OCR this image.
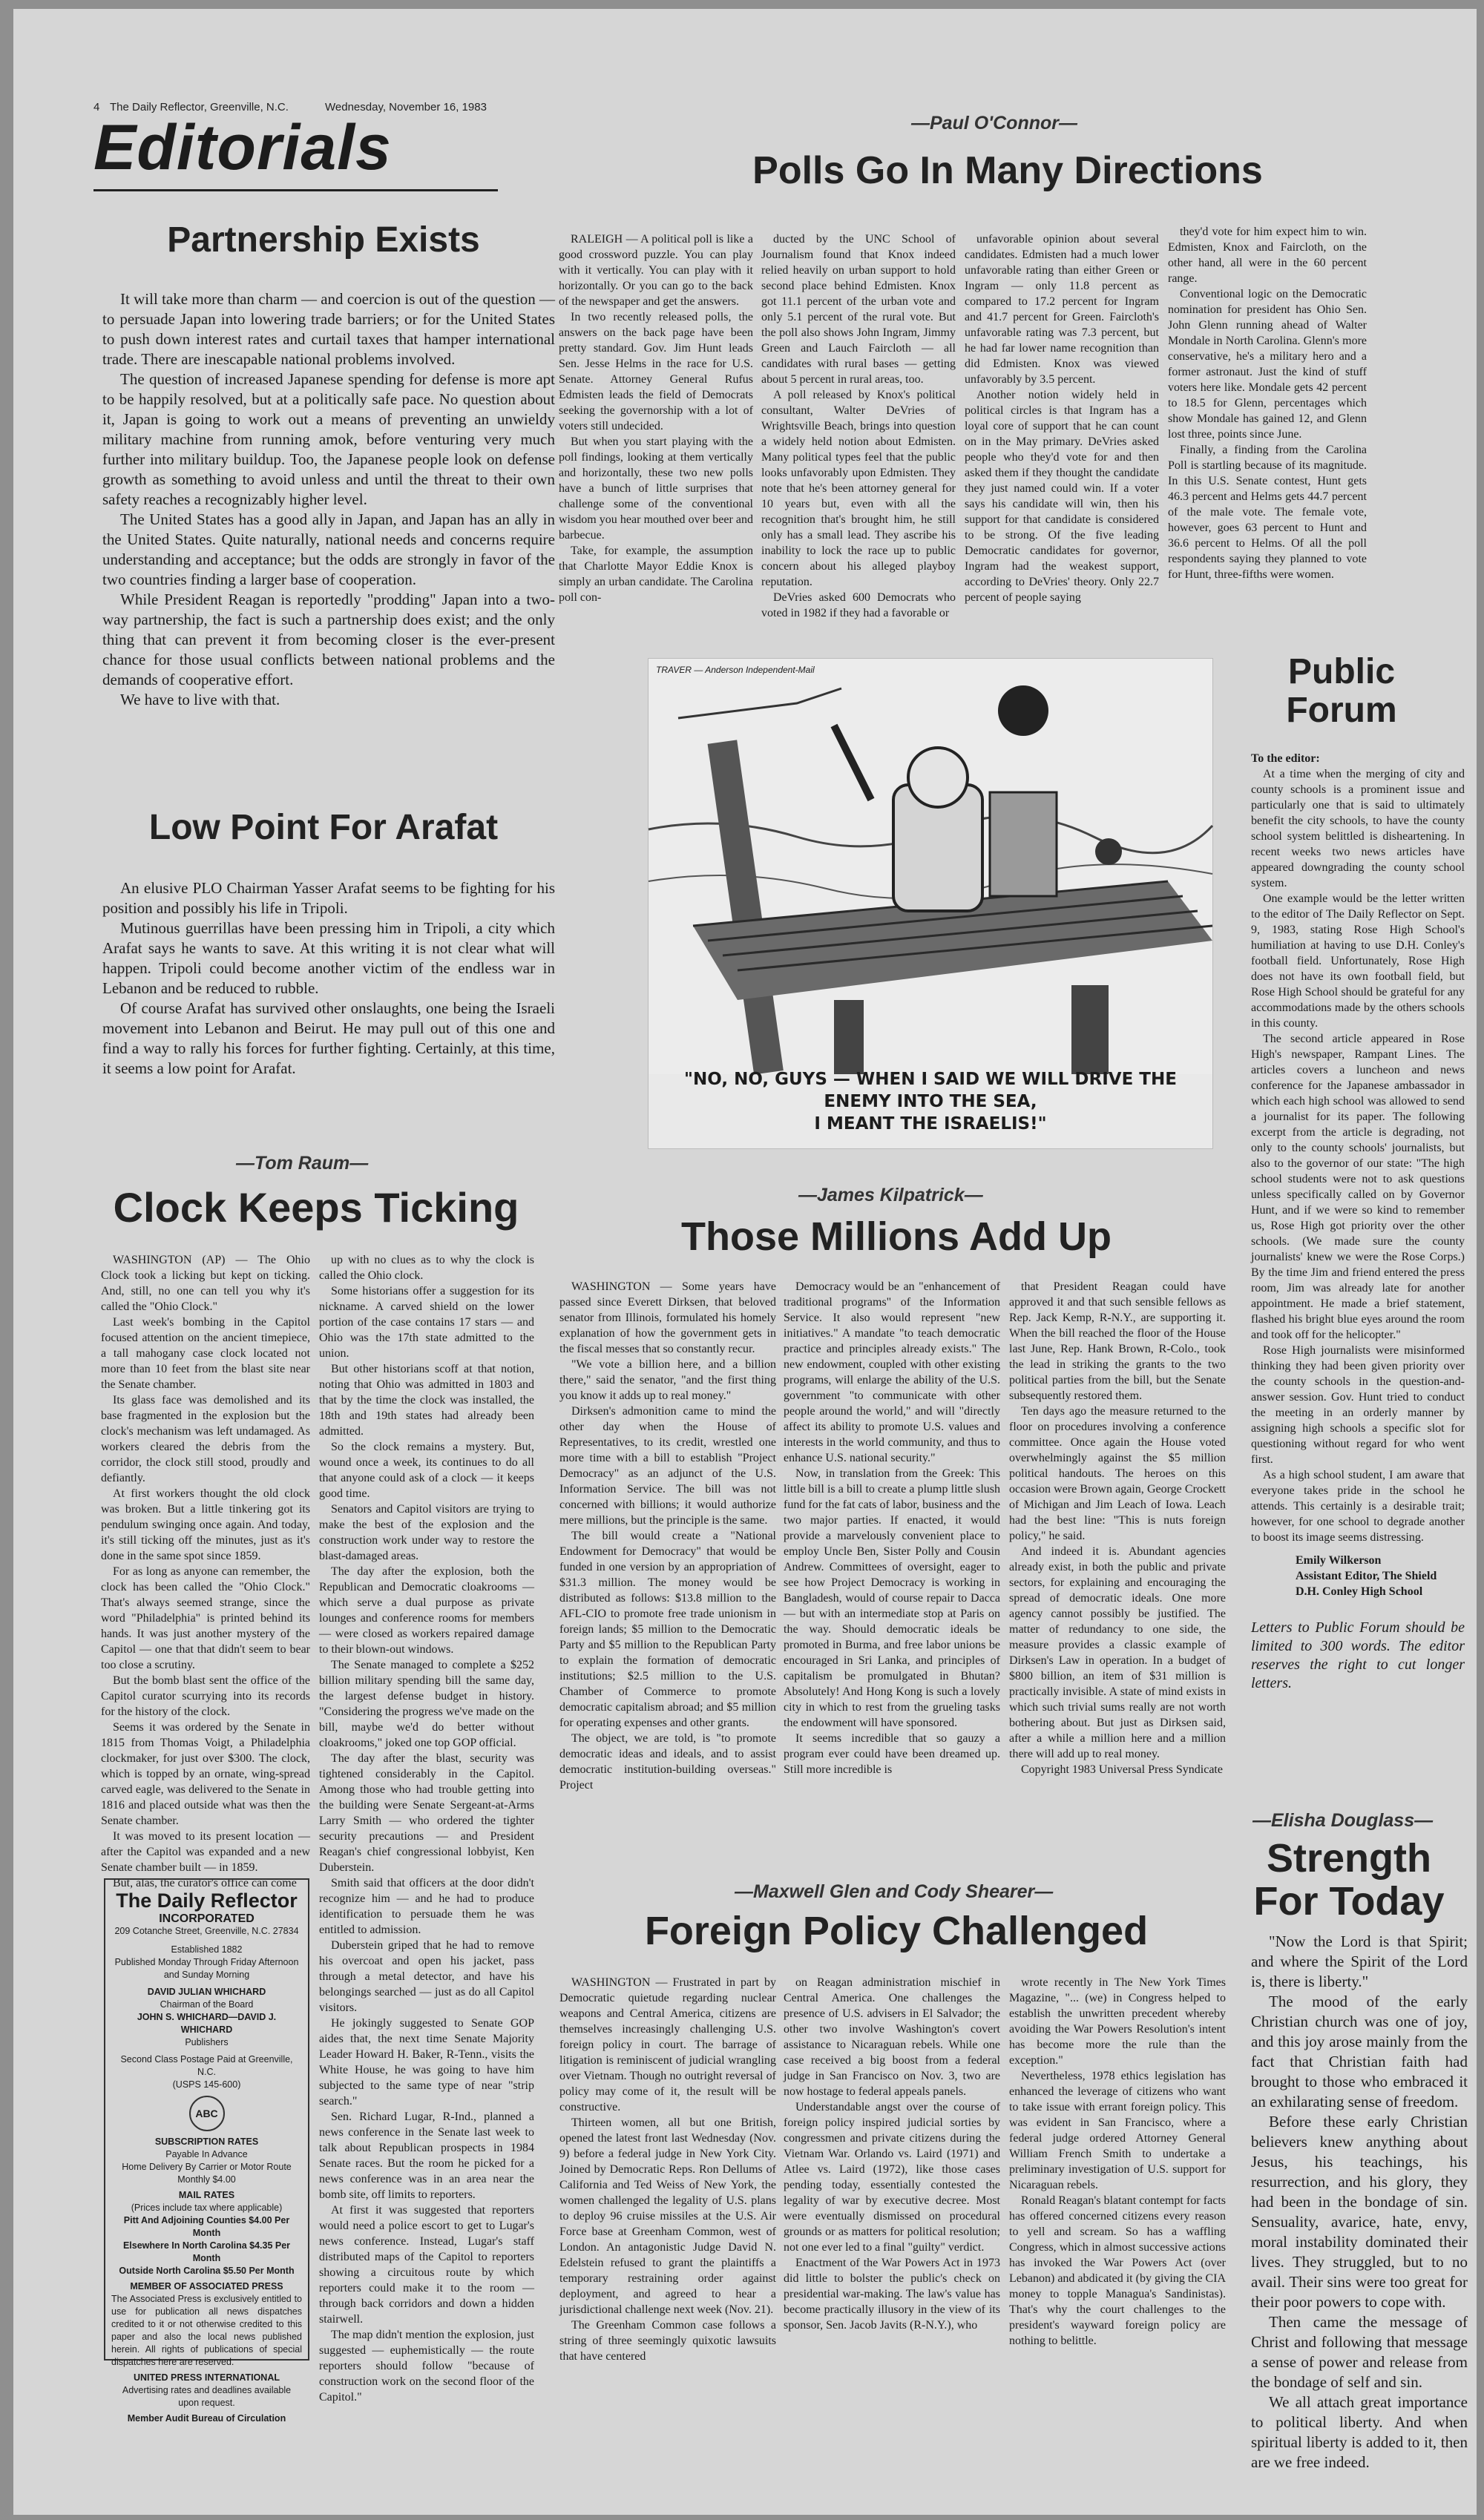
4 The Daily Reflector, Greenville, N.C.	Wednesday, November 16, 1983
Editorials
Partnership Exists

It will take more than charm — and coercion is out of the question — to persuade Japan into lowering trade barriers; or for the United States to push down interest rates and curtail taxes that hamper international trade. There are inescapable national problems involved.

The question of increased Japanese spending for defense is more apt to be happily resolved, but at a politically safe pace. No question about it, Japan is going to work out a means of preventing an unwieldy military machine from running amok, before venturing very much further into military buildup. Too, the Japanese people look on defense growth as something to avoid unless and until the threat to their own safety reaches a recognizably higher level.

The United States has a good ally in Japan, and Japan has an ally in the United States. Quite naturally, national needs and concerns require understanding and acceptance; but the odds are strongly in favor of the two countries finding a larger base of cooperation.

While President Reagan is reportedly "prodding" Japan into a two-way partnership, the fact is such a partnership does exist; and the only thing that can prevent it from becoming closer is the ever-present chance for those usual conflicts between national problems and the demands of cooperative effort.

We have to live with that.

Low Point For Arafat

An elusive PLO Chairman Yasser Arafat seems to be fighting for his position and possibly his life in Tripoli.

Mutinous guerrillas have been pressing him in Tripoli, a city which Arafat says he wants to save. At this writing it is not clear what will happen. Tripoli could become another victim of the endless war in Lebanon and be reduced to rubble.

Of course Arafat has survived other onslaughts, one being the Israeli movement into Lebanon and Beirut. He may pull out of this one and find a way to rally his forces for further fighting. Certainly, at this time, it seems a low point for Arafat.

—Paul O'Connor—
Polls Go In Many Directions

RALEIGH — A political poll is like a good crossword puzzle. You can play with it vertically. You can play with it horizontally. Or you can go to the back of the newspaper and get the answers.

In two recently released polls, the answers on the back page have been pretty standard. Gov. Jim Hunt leads Sen. Jesse Helms in the race for U.S. Senate. Attorney General Rufus Edmisten leads the field of Democrats seeking the governorship with a lot of voters still undecided.

But when you start playing with the poll findings, looking at them vertically and horizontally, these two new polls have a bunch of little surprises that challenge some of the conventional wisdom you hear mouthed over beer and barbecue.

Take, for example, the assumption that Charlotte Mayor Eddie Knox is simply an urban candidate. The Carolina poll con-

ducted by the UNC School of Journalism found that Knox indeed relied heavily on urban support to hold second place behind Edmisten. Knox got 11.1 percent of the urban vote and only 5.1 percent of the rural vote. But the poll also shows John Ingram, Jimmy Green and Lauch Faircloth — all candidates with rural bases — getting about 5 percent in rural areas, too.

A poll released by Knox's political consultant, Walter DeVries of Wrightsville Beach, brings into question a widely held notion about Edmisten. Many political types feel that the public looks unfavorably upon Edmisten. They note that he's been attorney general for 10 years but, even with all the recognition that's brought him, he still only has a small lead. They ascribe his inability to lock the race up to public concern about his alleged playboy reputation.

DeVries asked 600 Democrats who voted in 1982 if they had a favorable or

unfavorable opinion about several candidates. Edmisten had a much lower unfavorable rating than either Green or Ingram — only 11.8 percent as compared to 17.2 percent for Ingram and 41.7 percent for Green. Faircloth's unfavorable rating was 7.3 percent, but he had far lower name recognition than did Edmisten. Knox was viewed unfavorably by 3.5 percent.

Another notion widely held in political circles is that Ingram has a loyal core of support that he can count on in the May primary. DeVries asked people who they'd vote for and then asked them if they thought the candidate they just named could win. If a voter says his candidate will win, then his support for that candidate is considered to be strong. Of the five leading Democratic candidates for governor, Ingram had the weakest support, according to DeVries' theory. Only 22.7 percent of people saying

they'd vote for him expect him to win. Edmisten, Knox and Faircloth, on the other hand, all were in the 60 percent range.

Conventional logic on the Democratic nomination for president has Ohio Sen. John Glenn running ahead of Walter Mondale in North Carolina. Glenn's more conservative, he's a military hero and a former astronaut. Just the kind of stuff voters here like. Mondale gets 42 percent to 18.5 for Glenn, percentages which show Mondale has gained 12, and Glenn lost three, points since June.

Finally, a finding from the Carolina Poll is startling because of its magnitude. In this U.S. Senate contest, Hunt gets 46.3 percent and Helms gets 44.7 percent of the male vote. The female vote, however, goes 63 percent to Hunt and 36.6 percent to Helms. Of all the poll respondents saying they planned to vote for Hunt, three-fifths were women.

TRAVER — Anderson Independent-Mail
"NO, NO, GUYS — WHEN I SAID WE WILL DRIVE THE ENEMY INTO THE SEA,
I MEANT THE ISRAELIS!"
Public
Forum
To the editor:

At a time when the merging of city and county schools is a prominent issue and particularly one that is said to ultimately benefit the city schools, to have the county school system belittled is disheartening. In recent weeks two news articles have appeared downgrading the county school system.

One example would be the letter written to the editor of The Daily Reflector on Sept. 9, 1983, stating Rose High School's humiliation at having to use D.H. Conley's football field. Unfortunately, Rose High does not have its own football field, but Rose High School should be grateful for any accommodations made by the others schools in this county.

The second article appeared in Rose High's newspaper, Rampant Lines. The articles covers a luncheon and news conference for the Japanese ambassador in which each high school was allowed to send a journalist for its paper. The following excerpt from the article is degrading, not only to the county schools' journalists, but also to the governor of our state: "The high school students were not to ask questions unless specifically called on by Governor Hunt, and if we were so kind to remember us, Rose High got priority over the other schools. (We made sure the county journalists' knew we were the Rose Corps.) By the time Jim and friend entered the press room, Jim was already late for another appointment. He made a brief statement, flashed his bright blue eyes around the room and took off for the helicopter."

Rose High journalists were misinformed thinking they had been given priority over the county schools in the question-and-answer session. Gov. Hunt tried to conduct the meeting in an orderly manner by assigning high schools a specific slot for questioning without regard for who went first.

As a high school student, I am aware that everyone takes pride in the school he attends. This certainly is a desirable trait; however, for one school to degrade another to boost its image seems distressing.

Emily Wilkerson
Assistant Editor, The Shield
D.H. Conley High School
Letters to Public Forum should be limited to 300 words. The editor reserves the right to cut longer letters.
—Tom Raum—
Clock Keeps Ticking

WASHINGTON (AP) — The Ohio Clock took a licking but kept on ticking. And, still, no one can tell you why it's called the "Ohio Clock."

Last week's bombing in the Capitol focused attention on the ancient timepiece, a tall mahogany case clock located not more than 10 feet from the blast site near the Senate chamber.

Its glass face was demolished and its base fragmented in the explosion but the clock's mechanism was left undamaged. As workers cleared the debris from the corridor, the clock still stood, proudly and defiantly.

At first workers thought the old clock was broken. But a little tinkering got its pendulum swinging once again. And today, it's still ticking off the minutes, just as it's done in the same spot since 1859.

For as long as anyone can remember, the clock has been called the "Ohio Clock." That's always seemed strange, since the word "Philadelphia" is printed behind its hands. It was just another mystery of the Capitol — one that that didn't seem to bear too close a scrutiny.

But the bomb blast sent the office of the Capitol curator scurrying into its records for the history of the clock.

Seems it was ordered by the Senate in 1815 from Thomas Voigt, a Philadelphia clockmaker, for just over $300. The clock, which is topped by an ornate, wing-spread carved eagle, was delivered to the Senate in 1816 and placed outside what was then the Senate chamber.

It was moved to its present location — after the Capitol was expanded and a new Senate chamber built — in 1859.

But, alas, the curator's office can come

up with no clues as to why the clock is called the Ohio clock.

Some historians offer a suggestion for its nickname. A carved shield on the lower portion of the case contains 17 stars — and Ohio was the 17th state admitted to the union.

But other historians scoff at that notion, noting that Ohio was admitted in 1803 and that by the time the clock was installed, the 18th and 19th states had already been admitted.

So the clock remains a mystery. But, wound once a week, its continues to do all that anyone could ask of a clock — it keeps good time.

Senators and Capitol visitors are trying to make the best of the explosion and the construction work under way to restore the blast-damaged areas.

The day after the explosion, both the Republican and Democratic cloakrooms — which serve a dual purpose as private lounges and conference rooms for members — were closed as workers repaired damage to their blown-out windows.

The Senate managed to complete a $252 billion military spending bill the same day, the largest defense budget in history. "Considering the progress we've made on the bill, maybe we'd do better without cloakrooms," joked one top GOP official.

The day after the blast, security was tightened considerably in the Capitol. Among those who had trouble getting into the building were Senate Sergeant-at-Arms Larry Smith — who ordered the tighter security precautions — and President Reagan's chief congressional lobbyist, Ken Duberstein.

Smith said that officers at the door didn't recognize him — and he had to produce identification to persuade them he was entitled to admission.

Duberstein griped that he had to remove his overcoat and open his jacket, pass through a metal detector, and have his belongings searched — just as do all Capitol visitors.

He jokingly suggested to Senate GOP aides that, the next time Senate Majority Leader Howard H. Baker, R-Tenn., visits the White House, he was going to have him subjected to the same type of near "strip search."

Sen. Richard Lugar, R-Ind., planned a news conference in the Senate last week to talk about Republican prospects in 1984 Senate races. But the room he picked for a news conference was in an area near the bomb site, off limits to reporters.

At first it was suggested that reporters would need a police escort to get to Lugar's news conference. Instead, Lugar's staff distributed maps of the Capitol to reporters showing a circuitous route by which reporters could make it to the room — through back corridors and down a hidden stairwell.

The map didn't mention the explosion, just suggested — euphemistically — the route reporters should follow "because of construction work on the second floor of the Capitol."

The Daily Reflector

INCORPORATED

209 Cotanche Street, Greenville, N.C. 27834

Established 1882

Published Monday Through Friday Afternoon and Sunday Morning

DAVID JULIAN WHICHARD

Chairman of the Board

JOHN S. WHICHARD—DAVID J. WHICHARD

Publishers

Second Class Postage Paid at Greenville, N.C.

(USPS 145-600)

ABC

SUBSCRIPTION RATES

Payable In Advance

Home Delivery By Carrier or Motor Route Monthly $4.00

MAIL RATES

(Prices include tax where applicable)

Pitt And Adjoining Counties $4.00 Per Month

Elsewhere In North Carolina $4.35 Per Month

Outside North Carolina $5.50 Per Month

MEMBER OF ASSOCIATED PRESS

The Associated Press is exclusively entitled to use for publication all news dispatches credited to it or not otherwise credited to this paper and also the local news published herein. All rights of publications of special dispatches here are reserved.

UNITED PRESS INTERNATIONAL

Advertising rates and deadlines available upon request.

Member Audit Bureau of Circulation

—James Kilpatrick—
Those Millions Add Up

WASHINGTON — Some years have passed since Everett Dirksen, that beloved senator from Illinois, formulated his homely explanation of how the government gets in the fiscal messes that so constantly recur.

"We vote a billion here, and a billion there," said the senator, "and the first thing you know it adds up to real money."

Dirksen's admonition came to mind the other day when the House of Representatives, to its credit, wrestled one more time with a bill to establish "Project Democracy" as an adjunct of the U.S. Information Service. The bill was not concerned with billions; it would authorize mere millions, but the principle is the same.

The bill would create a "National Endowment for Democracy" that would be funded in one version by an appropriation of $31.3 million. The money would be distributed as follows: $13.8 million to the AFL-CIO to promote free trade unionism in foreign lands; $5 million to the Democratic Party and $5 million to the Republican Party to explain the formation of democratic institutions; $2.5 million to the U.S. Chamber of Commerce to promote democratic capitalism abroad; and $5 million for operating expenses and other grants.

The object, we are told, is "to promote democratic ideas and ideals, and to assist democratic institution-building overseas." Project

Democracy would be an "enhancement of traditional programs" of the Information Service. It also would represent "new initiatives." A mandate "to teach democratic practice and principles already exists." The new endowment, coupled with other existing programs, will enlarge the ability of the U.S. government "to communicate with other people around the world," and will "directly affect its ability to promote U.S. values and interests in the world community, and thus to enhance U.S. national security."

Now, in translation from the Greek: This little bill is a bill to create a plump little slush fund for the fat cats of labor, business and the two major parties. If enacted, it would provide a marvelously convenient place to employ Uncle Ben, Sister Polly and Cousin Andrew. Committees of oversight, eager to see how Project Democracy is working in Bangladesh, would of course repair to Dacca — but with an intermediate stop at Paris on the way. Should democratic ideals be promoted in Burma, and free labor unions be encouraged in Sri Lanka, and principles of capitalism be promulgated in Bhutan? Absolutely! And Hong Kong is such a lovely city in which to rest from the grueling tasks the endowment will have sponsored.

It seems incredible that so gauzy a program ever could have been dreamed up. Still more incredible is

that President Reagan could have approved it and that such sensible fellows as Rep. Jack Kemp, R-N.Y., are supporting it. When the bill reached the floor of the House last June, Rep. Hank Brown, R-Colo., took the lead in striking the grants to the two political parties from the bill, but the Senate subsequently restored them.

Ten days ago the measure returned to the floor on procedures involving a conference committee. Once again the House voted overwhelmingly against the $5 million political handouts. The heroes on this occasion were Brown again, George Crockett of Michigan and Jim Leach of Iowa. Leach had the best line: "This is nuts foreign policy," he said.

And indeed it is. Abundant agencies already exist, in both the public and private sectors, for explaining and encouraging the spread of democratic ideals. One more agency cannot possibly be justified. The matter of redundancy to one side, the measure provides a classic example of Dirksen's Law in operation. In a budget of $800 billion, an item of $31 million is practically invisible. A state of mind exists in which such trivial sums really are not worth bothering about. But just as Dirksen said, after a while a million here and a million there will add up to real money.

Copyright 1983 Universal Press Syndicate

—Elisha Douglass—
Strength
For Today

"Now the Lord is that Spirit; and where the Spirit of the Lord is, there is liberty."

The mood of the early Christian church was one of joy, and this joy arose mainly from the fact that Christian faith had brought to those who embraced it an exhilarating sense of freedom.

Before these early Christian believers knew anything about Jesus, his teachings, his resurrection, and his glory, they had been in the bondage of sin. Sensuality, avarice, hate, envy, moral instability dominated their lives. They struggled, but to no avail. Their sins were too great for their poor powers to cope with.

Then came the message of Christ and following that message a sense of power and release from the bondage of self and sin.

We all attach great importance to political liberty. And when spiritual liberty is added to it, then are we free indeed.

—Maxwell Glen and Cody Shearer—
Foreign Policy Challenged

WASHINGTON — Frustrated in part by Democratic quietude regarding nuclear weapons and Central America, citizens are themselves increasingly challenging U.S. foreign policy in court. The barrage of litigation is reminiscent of judicial wrangling over Vietnam. Though no outright reversal of policy may come of it, the result will be constructive.

Thirteen women, all but one British, opened the latest front last Wednesday (Nov. 9) before a federal judge in New York City. Joined by Democratic Reps. Ron Dellums of California and Ted Weiss of New York, the women challenged the legality of U.S. plans to deploy 96 cruise missiles at the U.S. Air Force base at Greenham Common, west of London. An antagonistic Judge David N. Edelstein refused to grant the plaintiffs a temporary restraining order against deployment, and agreed to hear a jurisdictional challenge next week (Nov. 21).

The Greenham Common case follows a string of three seemingly quixotic lawsuits that have centered

on Reagan administration mischief in Central America. One challenges the presence of U.S. advisers in El Salvador; the other two involve Washington's covert assistance to Nicaraguan rebels. While one case received a big boost from a federal judge in San Francisco on Nov. 3, two are now hostage to federal appeals panels.

Understandable angst over the course of foreign policy inspired judicial sorties by congressmen and private citizens during the Vietnam War. Orlando vs. Laird (1971) and Atlee vs. Laird (1972), like those cases pending today, essentially contested the legality of war by executive decree. Most were eventually dismissed on procedural grounds or as matters for political resolution; not one ever led to a final "guilty" verdict.

Enactment of the War Powers Act in 1973 did little to bolster the public's check on presidential war-making. The law's value has become practically illusory in the view of its sponsor, Sen. Jacob Javits (R-N.Y.), who

wrote recently in The New York Times Magazine, "... (we) in Congress helped to establish the unwritten precedent whereby avoiding the War Powers Resolution's intent has become more the rule than the exception."

Nevertheless, 1978 ethics legislation has enhanced the leverage of citizens who want to take issue with errant foreign policy. This was evident in San Francisco, where a federal judge ordered Attorney General William French Smith to undertake a preliminary investigation of U.S. support for Nicaraguan rebels.

Ronald Reagan's blatant contempt for facts has offered concerned citizens every reason to yell and scream. So has a waffling Congress, which in almost successive actions has invoked the War Powers Act (over Lebanon) and abdicated it (by giving the CIA money to topple Managua's Sandinistas). That's why the court challenges to the president's wayward foreign policy are nothing to belittle.
